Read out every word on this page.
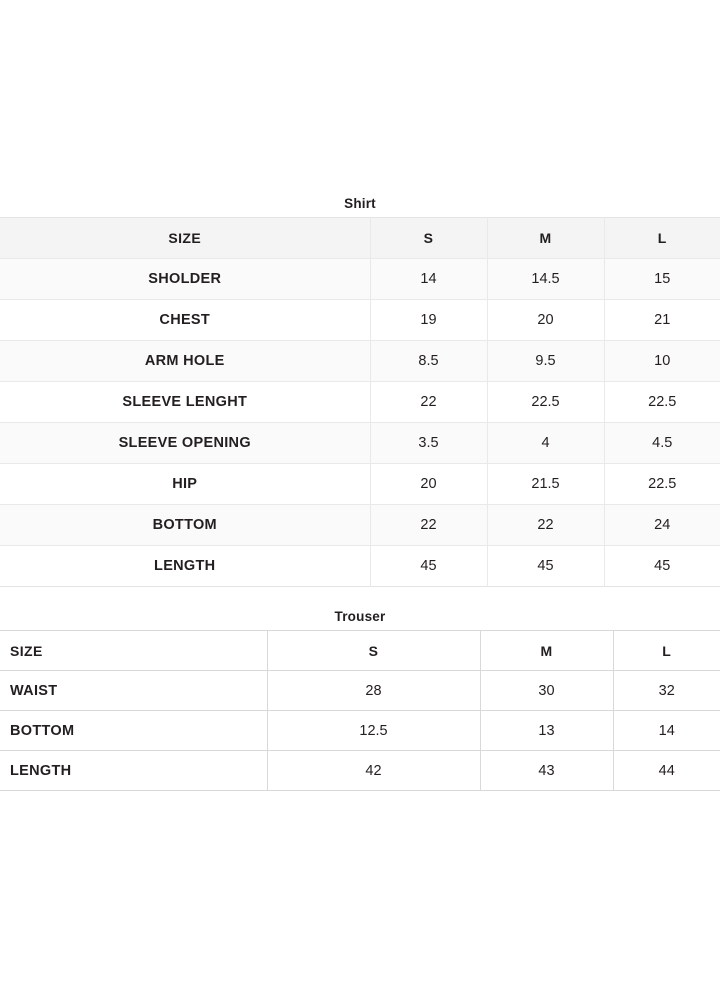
Shirt
SIZE	S	M	L
SHOLDER	14	14.5	15
CHEST	19	20	21
ARM HOLE	8.5	9.5	10
SLEEVE LENGHT	22	22.5	22.5
SLEEVE OPENING	3.5	4	4.5
HIP	20	21.5	22.5
BOTTOM	22	22	24
LENGTH	45	45	45
Trouser
SIZE	S	M	L
WAIST	28	30	32
BOTTOM	12.5	13	14
LENGTH	42	43	44
